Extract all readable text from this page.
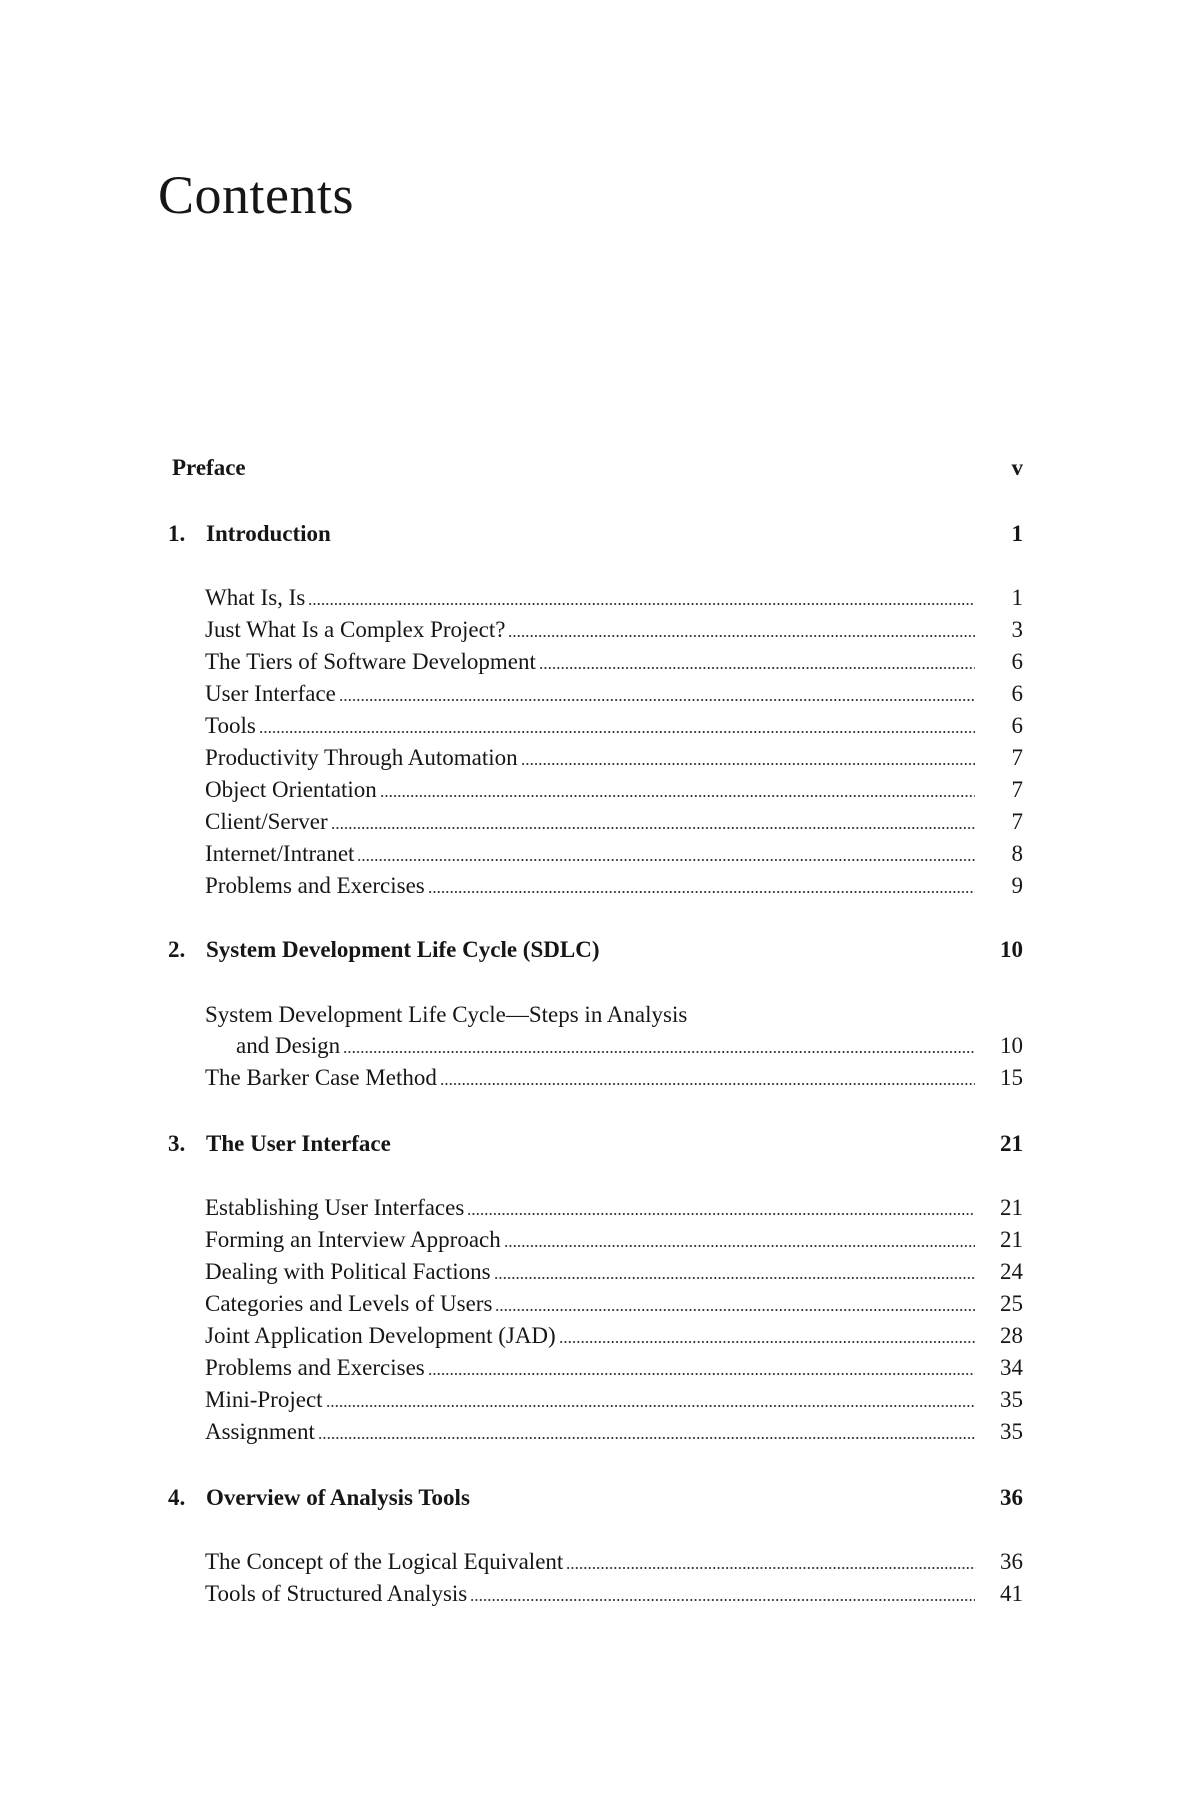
Contents
Preface	v
1. Introduction	1
What Is, Is	1
Just What Is a Complex Project?	3
The Tiers of Software Development	6
User Interface	6
Tools	6
Productivity Through Automation	7
Object Orientation	7
Client/Server	7
Internet/Intranet	8
Problems and Exercises	9
2. System Development Life Cycle (SDLC)	10
System Development Life Cycle—Steps in Analysis
and Design	10
The Barker Case Method	15
3. The User Interface	21
Establishing User Interfaces	21
Forming an Interview Approach	21
Dealing with Political Factions	24
Categories and Levels of Users	25
Joint Application Development (JAD)	28
Problems and Exercises	34
Mini-Project	35
Assignment	35
4. Overview of Analysis Tools	36
The Concept of the Logical Equivalent	36
Tools of Structured Analysis	41
